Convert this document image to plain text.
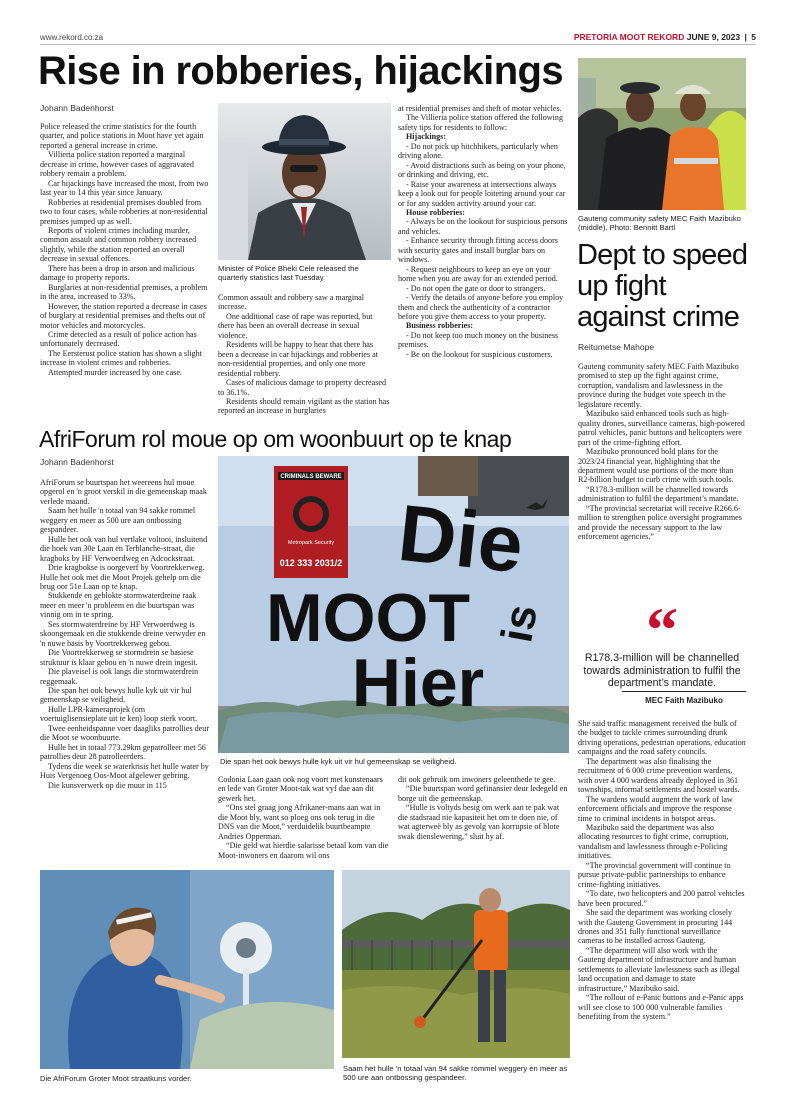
www.rekord.co.za	PRETORIA MOOT REKORD JUNE 9, 2023 | 5
Rise in robberies, hijackings
Johann Badenhorst

Police released the crime statistics for the fourth quarter, and police stations in Moot have yet again reported a general increase in crime.

Villieria police station reported a marginal decrease in crime, however cases of aggravated robbery remain a problem.

Car hijackings have increased the most, from two last year to 14 this year since January.

Robberies at residential premises doubled from two to four cases, while robberies at non-residential premises jumped up as well.

Reports of violent crimes including murder, common assault and common robbery increased slightly, while the station reported an overall decrease in sexual offences.

There has been a drop in arson and malicious damage to property reports.

Burglaries at non-residential premises, a problem in the area, increased to 33%.

However, the station reported a decrease in cases of burglary at residential premises and thefts out of motor vehicles and motorcycles.

Crime detected as a result of police action has unfortunately decreased.

The Eersterust police station has shown a slight increase in violent crimes and robberies.

Attempted murder increased by one case.

Minister of Police Bheki Cele released the quarterly statistics last Tuesday.

Common assault and robbery saw a marginal increase.

One additional case of rape was reported, but there has been an overall decrease in sexual violence.

Residents will be happy to hear that there has been a decrease in car hijackings and robberies at non-residential properties, and only one more residential robbery.

Cases of malicious damage to property decreased to 36.1%.

Residents should remain vigilant as the station has reported an increase in burglaries

at residential premises and theft of motor vehicles.

The Villieria police station offered the following safety tips for residents to follow:

Hijackings:

- Do not pick up hitchhikers, particularly when driving alone.

- Avoid distractions such as being on your phone, or drinking and driving, etc.

- Raise your awareness at intersections always keep a look out for people loitering around your car or for any sudden activity around your car.

House robberies:

- Always be on the lookout for suspicious persons and vehicles.

- Enhance security through fitting access doors with security gates and install burglar bars on windows.

- Request neighbours to keep an eye on your home when you are away for an extended period.

- Do not open the gate or door to strangers.

- Verify the details of anyone before you employ them and check the authenticity of a contractor before you give them access to your property.

Business robberies:

- Do not keep too much money on the business premises.

- Be on the lookout for suspicious customers.

AfriForum rol moue op om woonbuurt op te knap
Johann Badenhorst

AfriForum se buurtspan het weereens hul moue opgerol en 'n groot verskil in die gemeenskap maak verlede maand.

Saam het hulle 'n totaal van 94 sakke rommel weggery en meer as 500 ure aan ontbossing gespandeer.

Hulle het ook van hul vertlake voltooi, insluitend die hoek van 30e Laan en Terblanche-straat, die kragboks by HF Verwoerdweg en Adcockstraat.

Drie kragbokse is oorgeverf by Voortrekkerweg. Hulle het ook met die Moot Projek gehelp om die brug oor 51e Laan op te knap.

Stukkende en geblokte stormwaterdreine raak meer en meer 'n probleem en die buurtspan was vinnig om in te spring.

Ses stormwaterdreine by HF Verwoerdweg is skoongemaak en die stukkende dreine verwyder en 'n nuwe basis by Voortrekkerweg gebou.

Die Voortrekkerweg se stormdrein se basiese struktuur is klaar gebou en 'n nuwe drein ingesit.

Die plaveisel is ook langs die stormwaterdrein reggemaak.

Die span het ook bewys hulle kyk uit vir hul gemeenskap se veiligheid.

Hulle LPR-kameraprojek (om voertuiglisensieplate uit te ken) loop sterk voort.

Twee eenheidspanne voer daagliks patrollies deur die Moot se woonbuurte.

Hulle het in totaal 773.29km gepatrolleer met 56 patrollies deur 28 patrolleerders.

Tydens die week se waterkrisis het hulle water by Huis Vergenoeg Oos-Moot afgelewer gebring.

Die kunsverwerk op die muur in 115

CRIMINALS BEWARE
Metropark Security
012 333 2031/2 Die
MOOT is
Hier
Die span het ook bewys hulle kyk uit vir hul gemeenskap se veiligheid.

Codonia Laan gaan ook nog voort met kunstenaars en lede van Groter Moot-tak wat vyf dae aan dit gewerk het.

“Ons stel graag jong Afrikaner-mans aan wat in die Moot bly, want so ploeg ons ook terug in die DNS van die Moot,” verduidelik buurtbeampte Andries Opperman.

“Die geld wat hierdie salarisse betaal kom van die Moot-inwoners en daarom wil ons

dit ook gebruik om inwoners geleenthede te gee.

“Die buurtspan word gefinansier deur ledegeld en borge uit die gemeenskap.

“Hulle is voltyds besig om werk aan te pak wat die stadsraad nie kapasiteit het om te doen nie, of wat agterweë bly as gevolg van korrupsie of blote swak dienslewering,” sluit hy af.

Die AfriForum Groter Moot straatkuns vorder.
Saam het hulle 'n totaal van 94 sakke rommel weggery en meer as 500 ure aan ontbossing gespandeer.
Gauteng community safety MEC Faith Mazibuko (middle). Photo: Bennitt Bartl
Dept to speed up fight against crime
Reitumetse Mahope

Gauteng community safety MEC Faith Mazibuko promised to step up the fight against crime, corruption, vandalism and lawlessness in the province during the budget vote speech in the legislature recently.

Mazibuko said enhanced tools such as high-quality drones, surveillance cameras, high-powered patrol vehicles, panic buttons and helicopters were part of the crime-fighting effort.

Mazibuko pronounced bold plans for the 2023/24 financial year, highlighting that the department would use portions of the more than R2-billion budget to curb crime with such tools.

“R178.3-million will be channelled towards administration to fulfil the department’s mandate.

“The provincial secretariat will receive R266.6-million to strengthen police oversight programmes and provide the necessary support to the law enforcement agencies.”

“
R178.3-million will be channelled towards administration to fulfil the department’s mandate.
MEC Faith Mazibuko

She said traffic management received the bulk of the budget to tackle crimes surrounding drunk driving operations, pedestrian operations, education campaigns and the road safety councils.

The department was also finalising the recruitment of 6 000 crime prevention wardens, with over 4 000 wardens already deployed in 361 townships, informal settlements and hostel wards.

The wardens would augment the work of law enforcement officials and improve the response time to criminal incidents in hotspot areas.

Mazibuko said the department was also allocating resources to fight crime, corruption, vandalism and lawlessness through e-Policing initiatives.

“The provincial government will continue to pursue private-public partnerships to enhance crime-fighting initiatives.

“To date, two helicopters and 200 patrol vehicles have been procured.”

She said the department was working closely with the Gauteng Government in procuring 144 drones and 351 fully functional surveillance cameras to be installed across Gauteng.

“The department will also work with the Gauteng department of infrastructure and human settlements to alleviate lawlessness such as illegal land occupation and damage to state infrastructure,” Mazibuko said.

“The rollout of e-Panic buttons and e-Panic apps will see close to 100 000 vulnerable families benefiting from the system.”
